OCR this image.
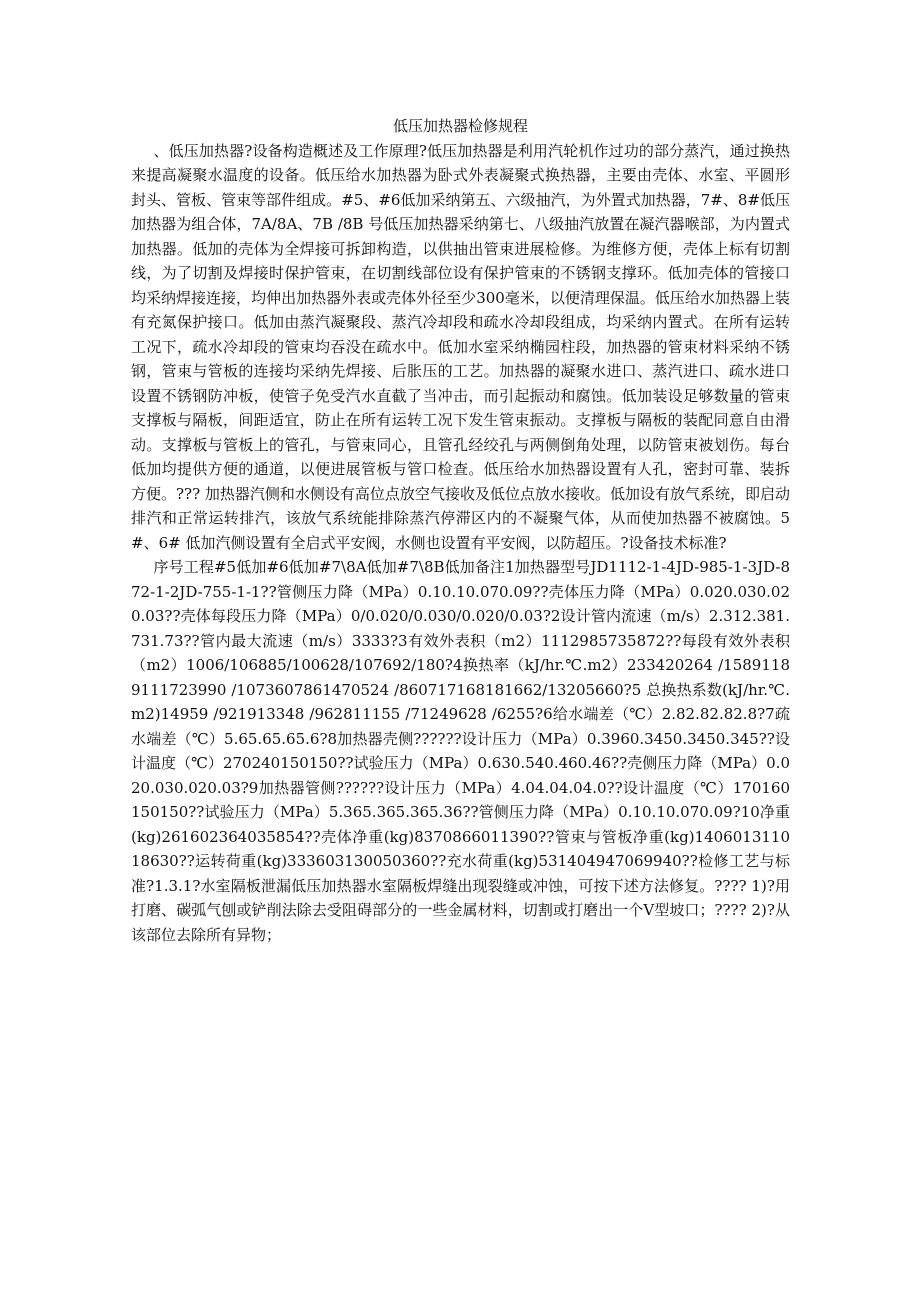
低压加热器检修规程

、低压加热器?设备构造概述及工作原理?低压加热器是利用汽轮机作过功的部分蒸汽，通过换热来提高凝聚水温度的设备。低压给水加热器为卧式外表凝聚式换热器，主要由壳体、水室、平圆形封头、管板、管束等部件组成。#5、#6低加采纳第五、六级抽汽，为外置式加热器，7#、8#低压加热器为组合体，7A/8A、7B /8B 号低压加热器采纳第七、八级抽汽放置在凝汽器喉部，为内置式加热器。低加的壳体为全焊接可拆卸构造，以供抽出管束进展检修。为维修方便，壳体上标有切割线，为了切割及焊接时保护管束，在切割线部位设有保护管束的不锈钢支撑环。低加壳体的管接口均采纳焊接连接，均伸出加热器外表或壳体外径至少300毫米，以便清理保温。低压给水加热器上装有充氮保护接口。低加由蒸汽凝聚段、蒸汽冷却段和疏水冷却段组成，均采纳内置式。在所有运转工况下，疏水冷却段的管束均吞没在疏水中。低加水室采纳椭园柱段，加热器的管束材料采纳不锈钢，管束与管板的连接均采纳先焊接、后胀压的工艺。加热器的凝聚水进口、蒸汽进口、疏水进口设置不锈钢防冲板，使管子免受汽水直截了当冲击，而引起振动和腐蚀。低加装设足够数量的管束支撑板与隔板，间距适宜，防止在所有运转工况下发生管束振动。支撑板与隔板的装配同意自由滑动。支撑板与管板上的管孔，与管束同心，且管孔经绞孔与两侧倒角处理，以防管束被划伤。每台低加均提供方便的通道，以便进展管板与管口检查。低压给水加热器设置有人孔，密封可靠、装拆方便。??? 加热器汽侧和水侧设有高位点放空气接收及低位点放水接收。低加设有放气系统，即启动排汽和正常运转排汽，该放气系统能排除蒸汽停滞区内的不凝聚气体，从而使加热器不被腐蚀。5#、6# 低加汽侧设置有全启式平安阀，水侧也设置有平安阀，以防超压。?设备技术标准?

序号工程#5低加#6低加#7\8A低加#7\8B低加备注1加热器型号JD1112-1-4JD-985-1-3JD-872-1-2JD-755-1-1??管侧压力降（MPa）0.10.10.070.09??壳体压力降（MPa）0.020.030.020.03??壳体每段压力降（MPa）0/0.020/0.030/0.020/0.03?2设计管内流速（m/s）2.312.381.731.73??管内最大流速（m/s）3333?3有效外表积（m2）1112985735872??每段有效外表积（m2）1006/106885/100628/107692/180?4换热率（kJ/hr.℃.m2）233420264 /15891189111723990 /1073607861470524 /860717168181662/13205660?5 总换热系数(kJ/hr.℃.m2)14959 /921913348 /962811155 /71249628 /6255?6给水端差（℃）2.82.82.82.8?7疏水端差（℃）5.65.65.65.6?8加热器壳侧??????设计压力（MPa）0.3960.3450.3450.345??设计温度（℃）270240150150??试验压力（MPa）0.630.540.460.46??壳侧压力降（MPa）0.020.030.020.03?9加热器管侧??????设计压力（MPa）4.04.04.04.0??设计温度（℃）170160150150??试验压力（MPa）5.365.365.365.36??管侧压力降（MPa）0.10.10.070.09?10净重(kg)261602364035854??壳体净重(kg)8370866011390??管束与管板净重(kg)140601311018630??运转荷重(kg)333603130050360??充水荷重(kg)531404947069940??检修工艺与标准?1.3.1?水室隔板泄漏低压加热器水室隔板焊缝出现裂缝或冲蚀，可按下述方法修复。???? 1)?用打磨、碳弧气刨或铲削法除去受阻碍部分的一些金属材料，切割或打磨出一个V型坡口；???? 2)?从该部位去除所有异物；
